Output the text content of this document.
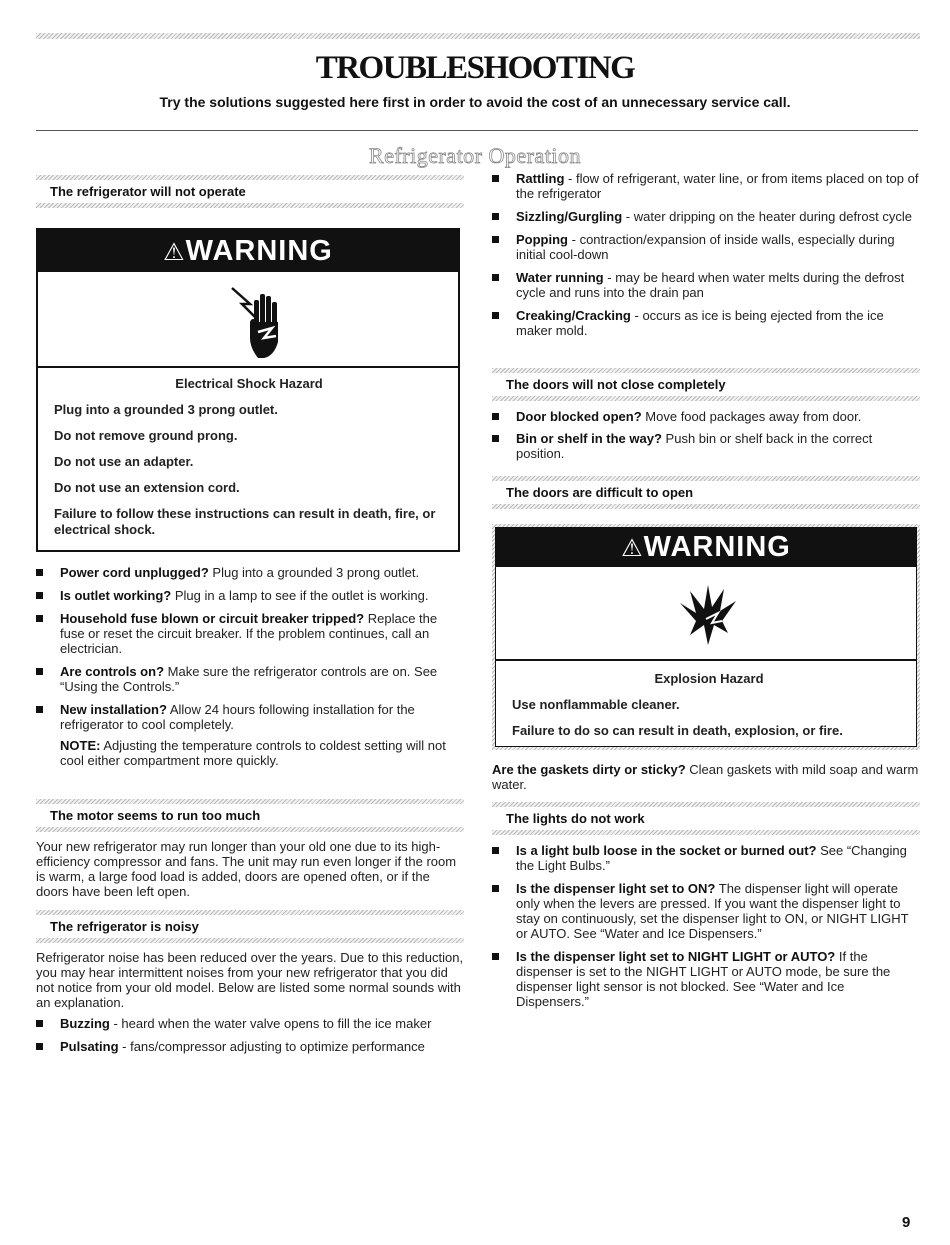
TROUBLESHOOTING
Try the solutions suggested here first in order to avoid the cost of an unnecessary service call.
Refrigerator Operation
The refrigerator will not operate
⚠WARNING
Electrical Shock Hazard

Plug into a grounded 3 prong outlet.

Do not remove ground prong.

Do not use an adapter.

Do not use an extension cord.

Failure to follow these instructions can result in death, fire, or electrical shock.

Power cord unplugged? Plug into a grounded 3 prong outlet.
Is outlet working? Plug in a lamp to see if the outlet is working.
Household fuse blown or circuit breaker tripped? Replace the fuse or reset the circuit breaker. If the problem continues, call an electrician.
Are controls on? Make sure the refrigerator controls are on. See “Using the Controls.”
New installation? Allow 24 hours following installation for the refrigerator to cool completely.
NOTE: Adjusting the temperature controls to coldest setting will not cool either compartment more quickly.
The motor seems to run too much
Your new refrigerator may run longer than your old one due to its high-efficiency compressor and fans. The unit may run even longer if the room is warm, a large food load is added, doors are opened often, or if the doors have been left open.
The refrigerator is noisy
Refrigerator noise has been reduced over the years. Due to this reduction, you may hear intermittent noises from your new refrigerator that you did not notice from your old model. Below are listed some normal sounds with an explanation.
Buzzing - heard when the water valve opens to fill the ice maker
Pulsating - fans/compressor adjusting to optimize performance
Rattling - flow of refrigerant, water line, or from items placed on top of the refrigerator
Sizzling/Gurgling - water dripping on the heater during defrost cycle
Popping - contraction/expansion of inside walls, especially during initial cool-down
Water running - may be heard when water melts during the defrost cycle and runs into the drain pan
Creaking/Cracking - occurs as ice is being ejected from the ice maker mold.
The doors will not close completely
Door blocked open? Move food packages away from door.
Bin or shelf in the way? Push bin or shelf back in the correct position.
The doors are difficult to open
⚠WARNING
Explosion Hazard

Use nonflammable cleaner.

Failure to do so can result in death, explosion, or fire.

Are the gaskets dirty or sticky? Clean gaskets with mild soap and warm water.
The lights do not work
Is a light bulb loose in the socket or burned out? See “Changing the Light Bulbs.”
Is the dispenser light set to ON? The dispenser light will operate only when the levers are pressed. If you want the dispenser light to stay on continuously, set the dispenser light to ON, or NIGHT LIGHT or AUTO. See “Water and Ice Dispensers.”
Is the dispenser light set to NIGHT LIGHT or AUTO? If the dispenser is set to the NIGHT LIGHT or AUTO mode, be sure the dispenser light sensor is not blocked. See “Water and Ice Dispensers.”
9
